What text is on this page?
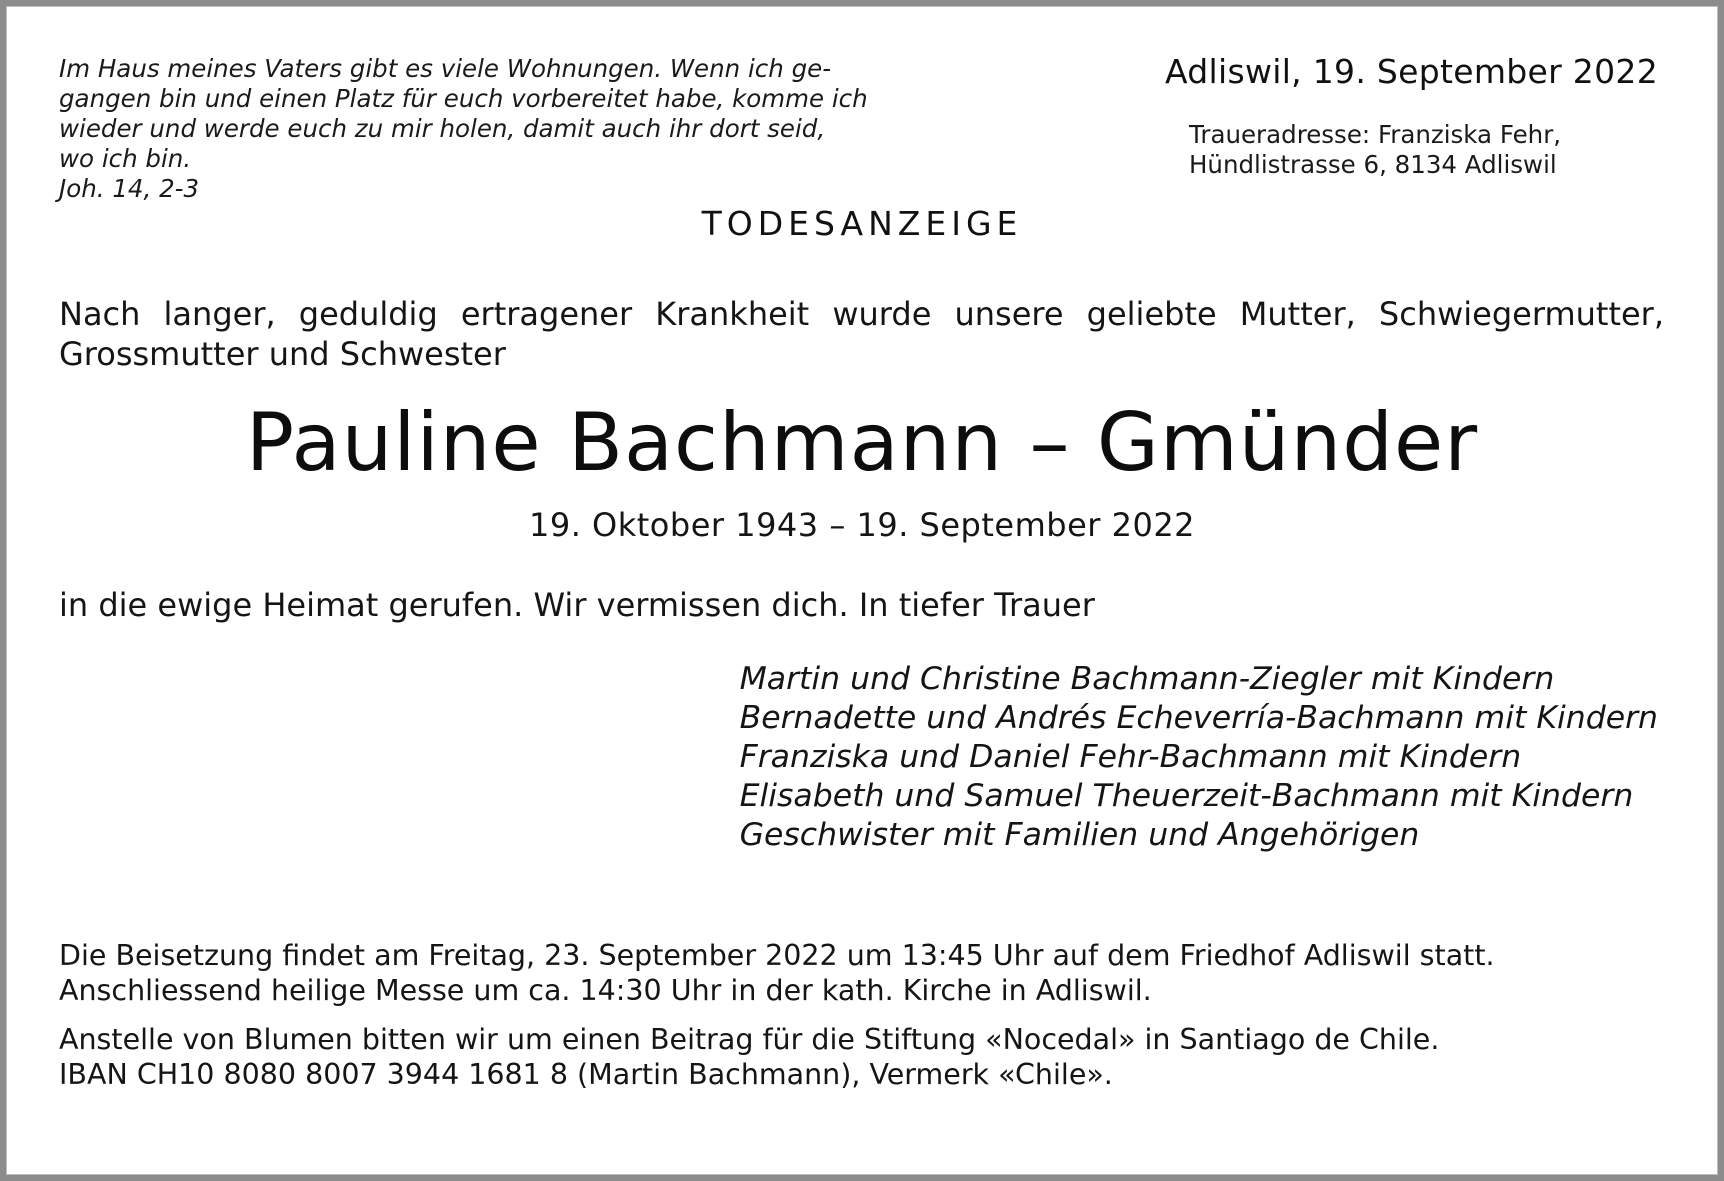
Im Haus meines Vaters gibt es viele Wohnungen. Wenn ich ge-
gangen bin und einen Platz für euch vorbereitet habe, komme ich
wieder und werde euch zu mir holen, damit auch ihr dort seid,
wo ich bin.
Joh. 14, 2-3
Adliswil, 19. September 2022
Traueradresse: Franziska Fehr,
Hündlistrasse 6, 8134 Adliswil
TODESANZEIGE

Nach langer, geduldig ertragener Krankheit wurde unsere geliebte Mutter, Schwiegermutter, Grossmutter und Schwester

Pauline Bachmann – Gmünder
19. Oktober 1943 – 19. September 2022
in die ewige Heimat gerufen. Wir vermissen dich. In tiefer Trauer
Martin und Christine Bachmann-Ziegler mit Kindern
Bernadette und Andrés Echeverría-Bachmann mit Kindern
Franziska und Daniel Fehr-Bachmann mit Kindern
Elisabeth und Samuel Theuerzeit-Bachmann mit Kindern
Geschwister mit Familien und Angehörigen
Die Beisetzung findet am Freitag, 23. September 2022 um 13:45 Uhr auf dem Friedhof Adliswil statt.
Anschliessend heilige Messe um ca. 14:30 Uhr in der kath. Kirche in Adliswil.
Anstelle von Blumen bitten wir um einen Beitrag für die Stiftung «Nocedal» in Santiago de Chile.
IBAN CH10 8080 8007 3944 1681 8 (Martin Bachmann), Vermerk «Chile».
